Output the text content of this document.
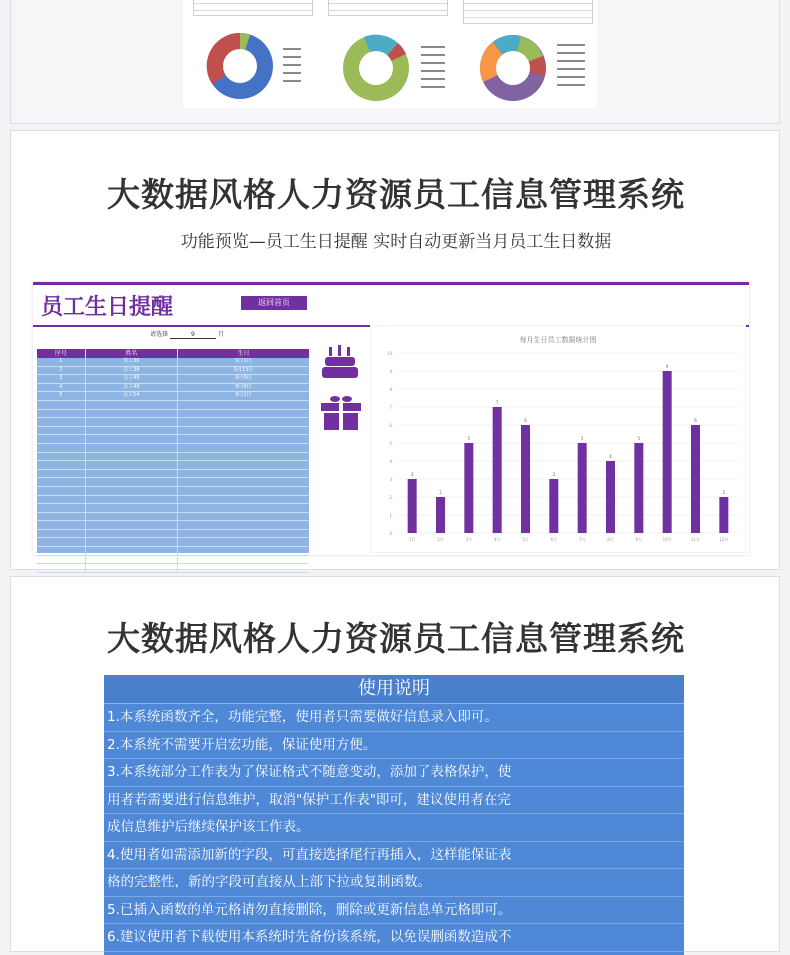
大数据风格人力资源员工信息管理系统
功能预览—员工生日提醒 实时自动更新当月员工生日数据
员工生日提醒	返回首页
请选择	9	月
序号	姓名	生日
1	员工30	9月1日
2	员工38	9月13日
3	员工49	9月9日
4	员工49	9月9日
5	员工54	9月1日
每月生日员工数据统计图
0
1
2
3
4
5
6
7
8
9
10
3
2
5
7
6
3
5
4
5
9
6
2
1月	2月	3月	4月	5月	6月	7月	8月	9月	10月	11月	12月
大数据风格人力资源员工信息管理系统
使用说明
1.本系统函数齐全，功能完整，使用者只需要做好信息录入即可。
2.本系统不需要开启宏功能，保证使用方便。
3.本系统部分工作表为了保证格式不随意变动，添加了表格保护，使
用者若需要进行信息维护，取消"保护工作表"即可，建议使用者在完
成信息维护后继续保护该工作表。
4.使用者如需添加新的字段，可直接选择尾行再插入，这样能保证表
格的完整性，新的字段可直接从上部下拉或复制函数。
5.已插入函数的单元格请勿直接删除，删除或更新信息单元格即可。
6.建议使用者下载使用本系统时先备份该系统，以免误删函数造成不
